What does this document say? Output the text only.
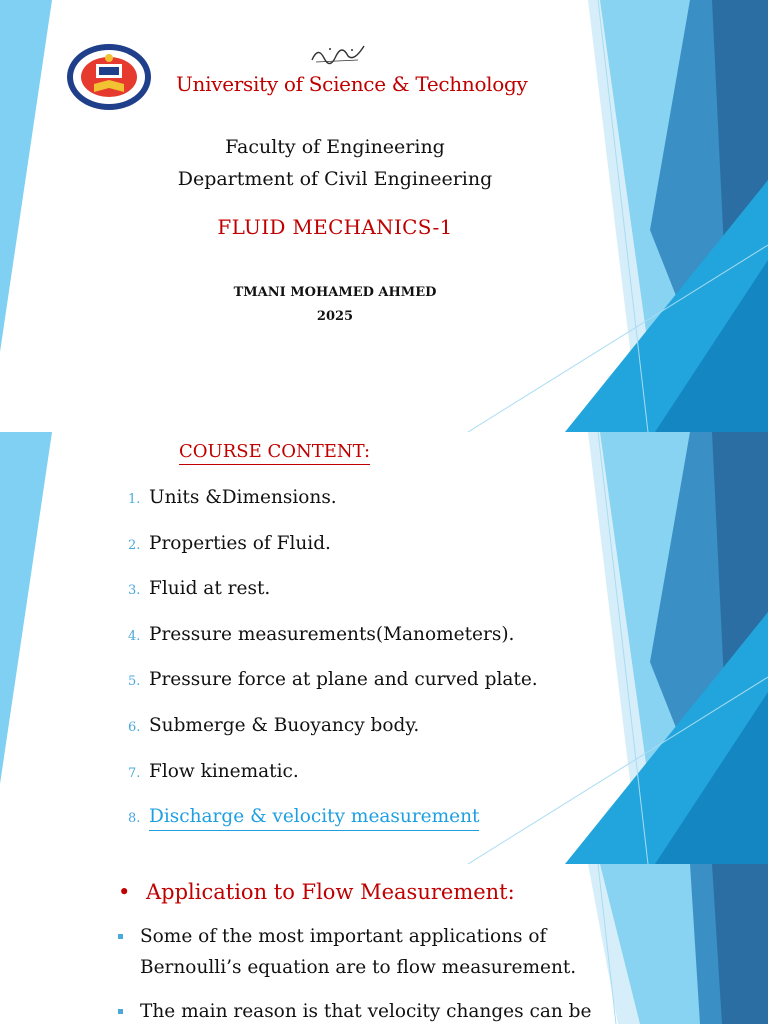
University of Science & Technology
Faculty of Engineering
Department of Civil Engineering
FLUID MECHANICS-1
TMANI MOHAMED AHMED
2025
COURSE CONTENT:
1. Units &Dimensions.
2. Properties of Fluid.
3. Fluid at rest.
4. Pressure measurements(Manometers).
5. Pressure force at plane and curved plate.
6. Submerge & Buoyancy body.
7. Flow kinematic.
8. Discharge & velocity measurement
• Application to Flow Measurement:
Some of the most important applications of
Bernoulli’s equation are to flow measurement.
The main reason is that velocity changes can be
